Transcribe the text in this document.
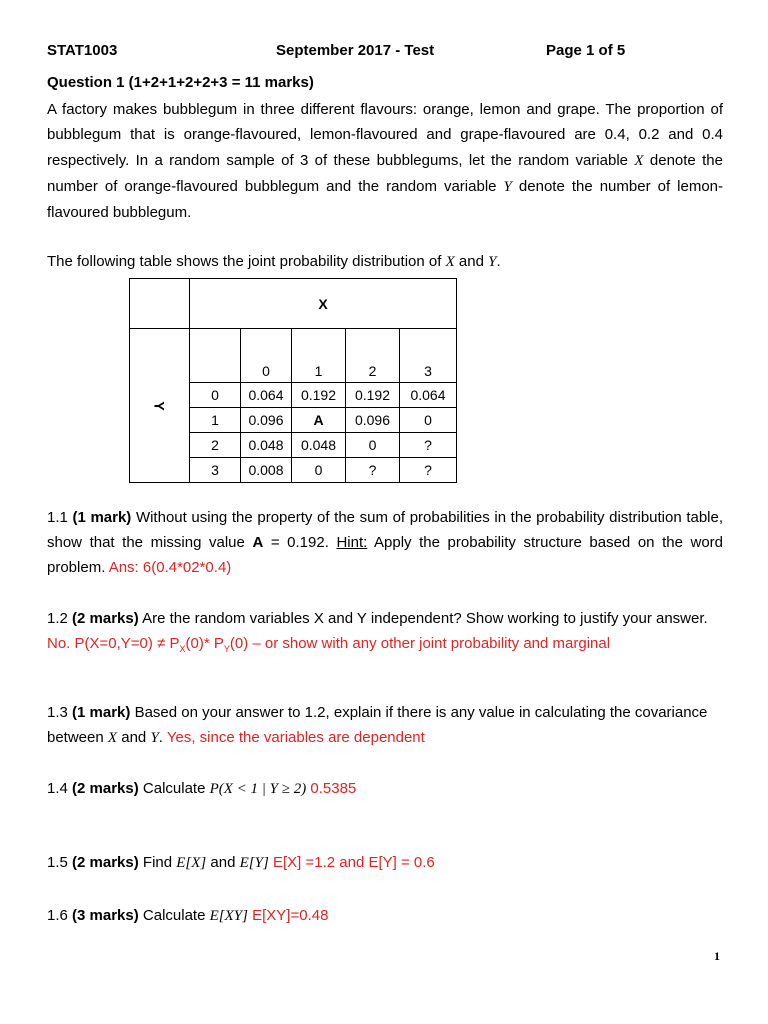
STAT1003	September 2017 - Test	Page 1 of 5
Question 1 (1+2+1+2+2+3 = 11 marks)

A factory makes bubblegum in three different flavours: orange, lemon and grape. The proportion of bubblegum that is orange-flavoured, lemon-flavoured and grape-flavoured are 0.4, 0.2 and 0.4 respectively. In a random sample of 3 of these bubblegums, let the random variable X denote the number of orange-flavoured bubblegum and the random variable Y denote the number of lemon-flavoured bubblegum.

The following table shows the joint probability distribution of X and Y.

	X				
Y		0	1	2	3
	0	0.064	0.192	0.192	0.064
	1	0.096	A	0.096	0
	2	0.048	0.048	0	?
	3	0.008	0	?	?
1.1 (1 mark) Without using the property of the sum of probabilities in the probability distribution table, show that the missing value A = 0.192. Hint: Apply the probability structure based on the word problem. Ans: 6(0.4*02*0.4)
1.2 (2 marks) Are the random variables X and Y independent? Show working to justify your answer. No. $P(X=0,Y=0) \ne P_X(0)*$ $P_Y(0)$ – or show with any other joint probability and marginal
1.3 (1 mark) Based on your answer to 1.2, explain if there is any value in calculating the covariance between X and Y. Yes, since the variables are dependent
1.4 (2 marks) Calculate P(X < 1 | Y ≥ 2) 0.5385
1.5 (2 marks) Find E[X] and E[Y] E[X] =1.2 and E[Y] = 0.6
1.6 (3 marks) Calculate E[XY] E[XY]=0.48
1
